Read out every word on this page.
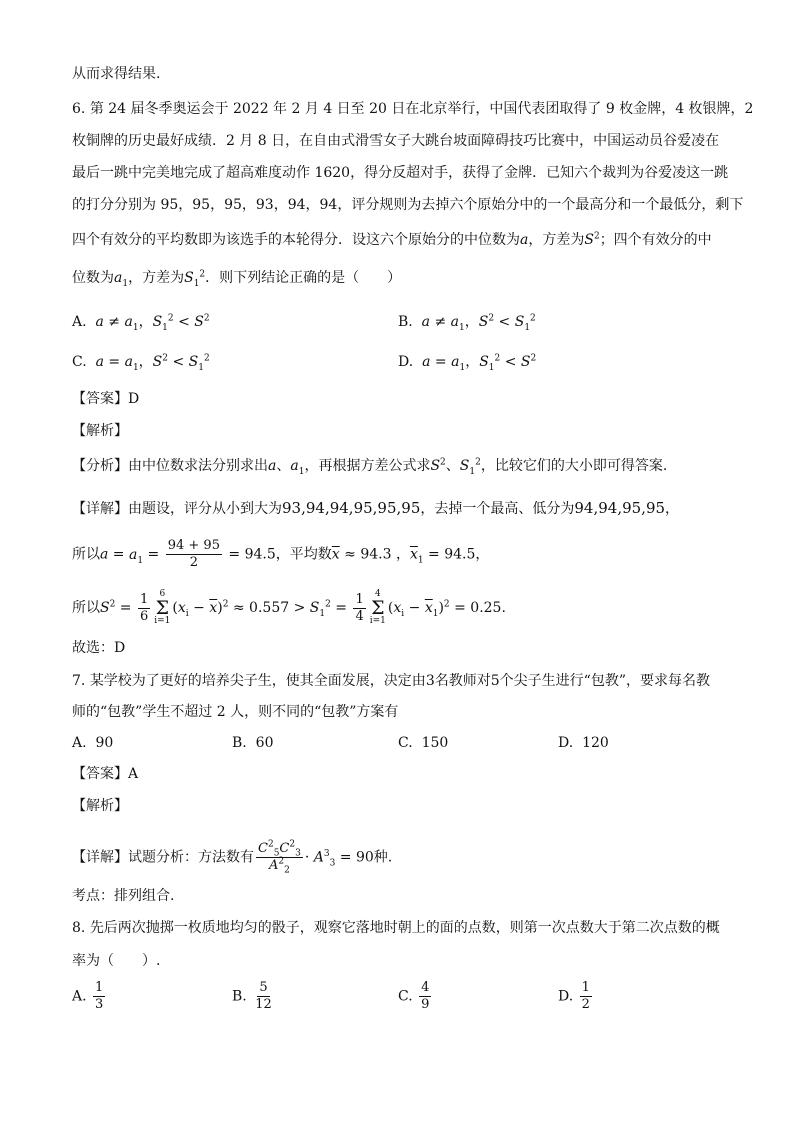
从而求得结果.
6. 第 24 届冬季奥运会于 2022 年 2 月 4 日至 20 日在北京举行，中国代表团取得了 9 枚金牌，4 枚银牌，2
枚铜牌的历史最好成绩．2 月 8 日，在自由式滑雪女子大跳台坡面障碍技巧比赛中，中国运动员谷爱凌在
最后一跳中完美地完成了超高难度动作 1620，得分反超对手，获得了金牌．已知六个裁判为谷爱凌这一跳
的打分分别为 95，95，95，93，94，94，评分规则为去掉六个原始分中的一个最高分和一个最低分，剩下
四个有效分的平均数即为该选手的本轮得分．设这六个原始分的中位数为a，方差为$S^2$；四个有效分的中
位数为$a_1$，方差为$S_1^2$．则下列结论正确的是（　　）
A. $a \ne a_1$，$S_1^2 < S^2$	B. $a \ne a_1$，$S^2 < S_1^2$
C. $a = a_1$，$S^2 < S_1^2$	D. $a = a_1$，$S_1^2 < S^2$
【答案】D
【解析】
【分析】由中位数求法分别求出a、$a_1$，再根据方差公式求$S^2$、$S_1^2$，比较它们的大小即可得答案.
【详解】由题设，评分从小到大为93,94,94,95,95,95，去掉一个最高、低分为94,94,95,95，
所以$a = a_1 = \frac{94 + 95}{2} = 94.5$，平均数$\overline{x} \approx 94.3$ ，$\overline{x}_1 = 94.5$，
所以$S^2 = \frac{1}{6} 6$
Σ
i=1
$(x_i - \overline{x})^2 \approx 0.557 > S_1^2 = \frac{1}{4} 4$
Σ
i=1
$(x_i - \overline{x}_1)^2 = 0.25$.
故选：D
7. 某学校为了更好的培养尖子生，使其全面发展，决定由3名教师对5个尖子生进行“包教”，要求每名教
师的“包教”学生不超过 2 人，则不同的“包教”方案有
A. 90	B. 60	C. 150	D. 120
【答案】A
【解析】
【详解】试题分析：方法数有 $\frac{C^2_5C^2_3}{A^2_2} \cdot A^3_3 = 90$种.
考点：排列组合.
8. 先后两次抛掷一枚质地均匀的骰子，观察它落地时朝上的面的点数，则第一次点数大于第二次点数的概
率为（　　）.
A. $\frac{1}{3}$	B. $\frac{5}{12}$	C. $\frac{4}{9}$	D. $\frac{1}{2}$
